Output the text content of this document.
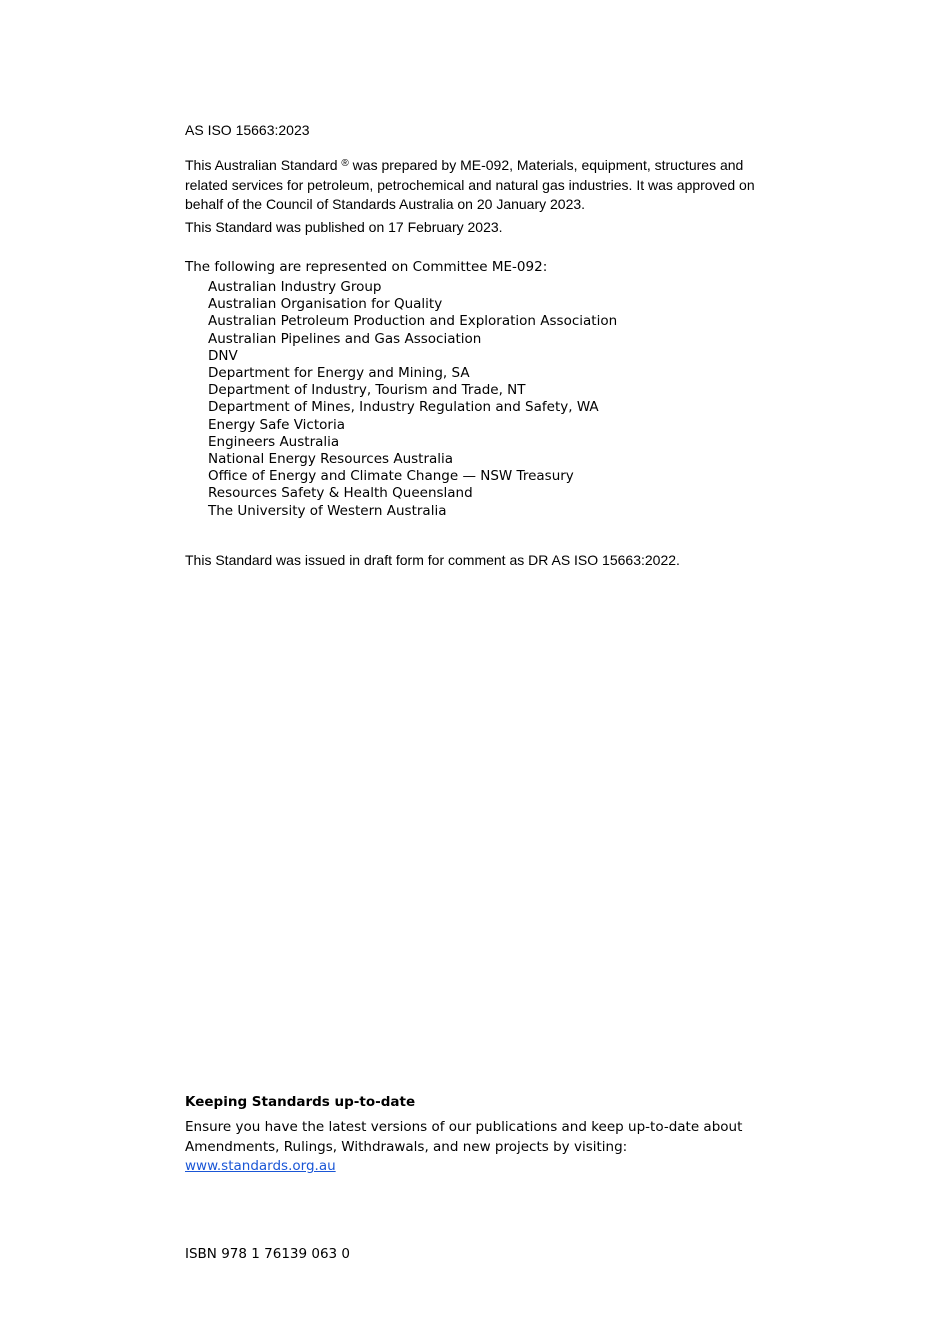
AS ISO 15663:2023
This Australian Standard ® was prepared by ME-092, Materials, equipment, structures and related services for petroleum, petrochemical and natural gas industries. It was approved on behalf of the Council of Standards Australia on 20 January 2023.
This Standard was published on 17 February 2023.
The following are represented on Committee ME-092:
Australian Industry Group
Australian Organisation for Quality
Australian Petroleum Production and Exploration Association
Australian Pipelines and Gas Association
DNV
Department for Energy and Mining, SA
Department of Industry, Tourism and Trade, NT
Department of Mines, Industry Regulation and Safety, WA
Energy Safe Victoria
Engineers Australia
National Energy Resources Australia
Office of Energy and Climate Change — NSW Treasury
Resources Safety & Health Queensland
The University of Western Australia
This Standard was issued in draft form for comment as DR AS ISO 15663:2022.
Keeping Standards up-to-date
Ensure you have the latest versions of our publications and keep up-to-date about Amendments, Rulings, Withdrawals, and new projects by visiting:
www.standards.org.au
ISBN 978 1 76139 063 0
